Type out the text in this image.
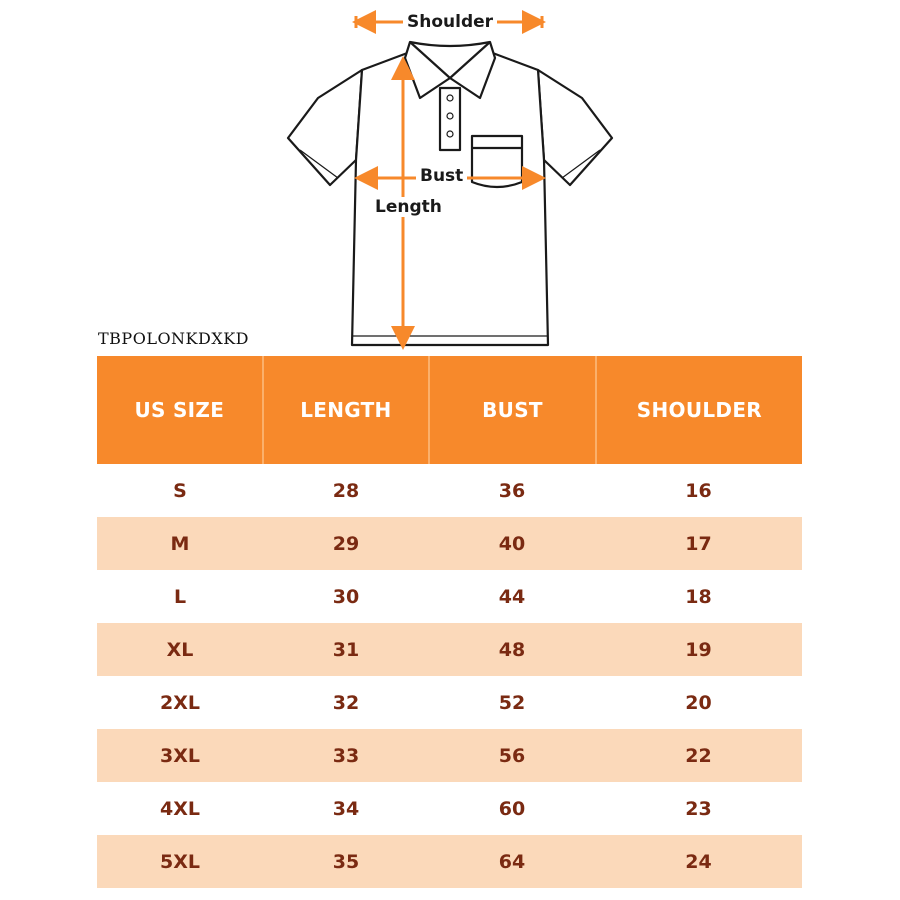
Shoulder
Bust
Length
TBPOLONKDXKD
US SIZE	LENGTH	BUST	SHOULDER
S	28	36	16
M	29	40	17
L	30	44	18
XL	31	48	19
2XL	32	52	20
3XL	33	56	22
4XL	34	60	23
5XL	35	64	24
